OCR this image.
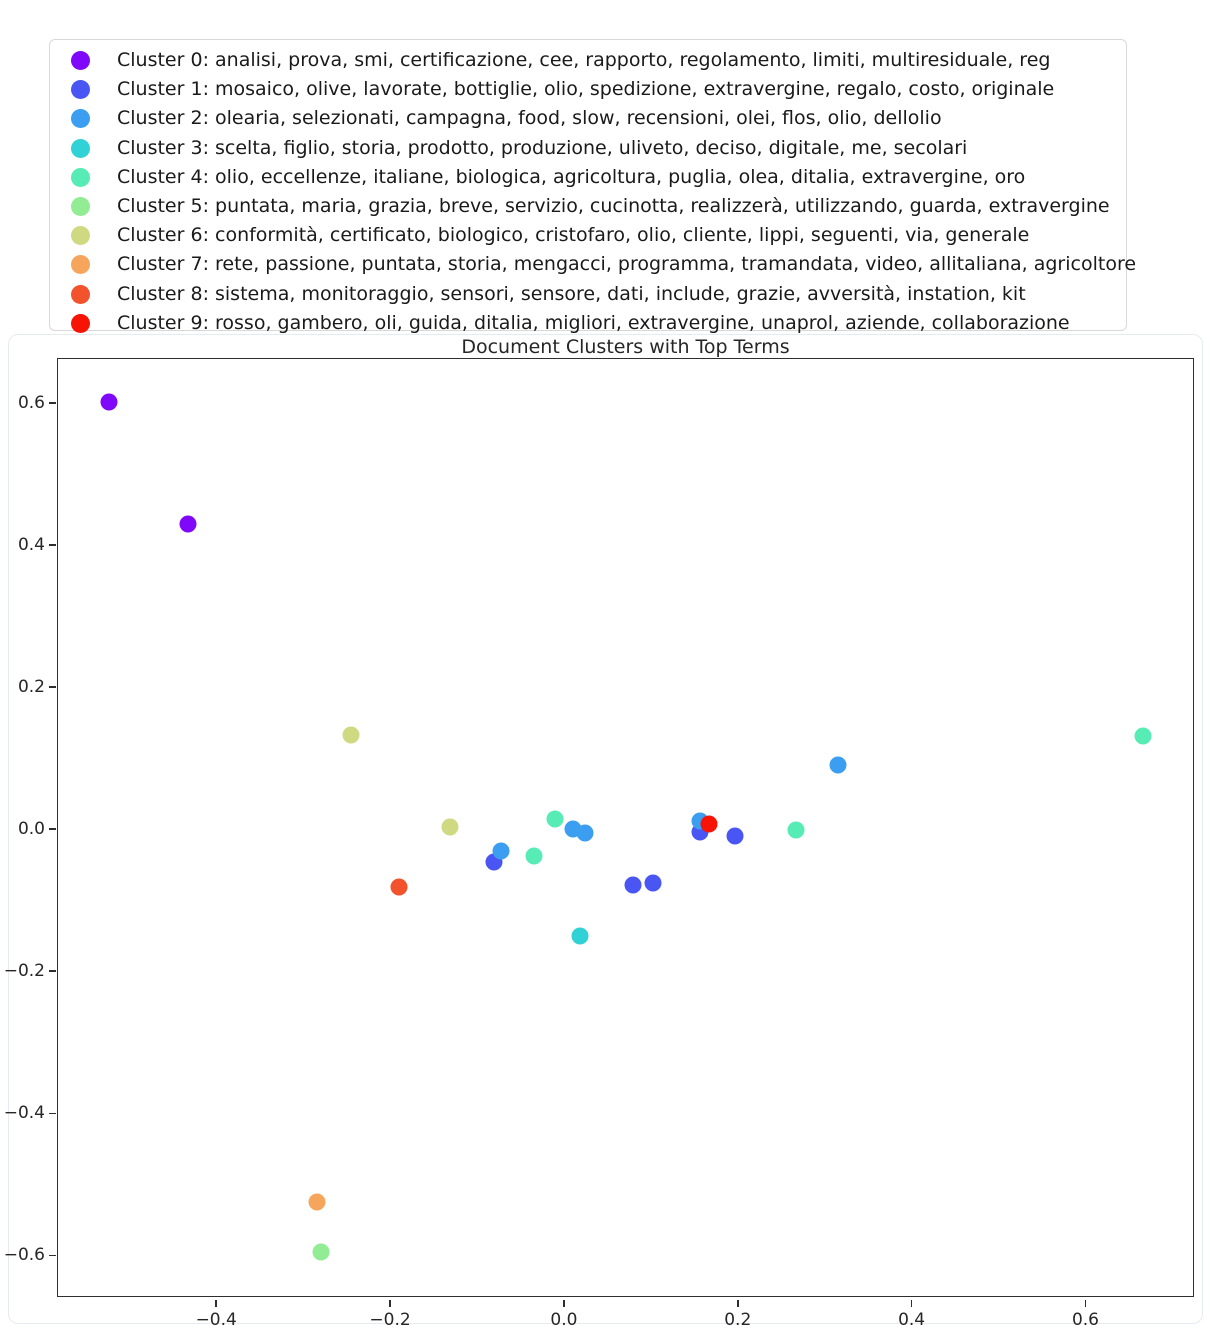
Cluster 0: analisi, prova, smi, certificazione, cee, rapporto, regolamento, limiti, multiresiduale, reg
Cluster 1: mosaico, olive, lavorate, bottiglie, olio, spedizione, extravergine, regalo, costo, originale
Cluster 2: olearia, selezionati, campagna, food, slow, recensioni, olei, flos, olio, dellolio
Cluster 3: scelta, figlio, storia, prodotto, produzione, uliveto, deciso, digitale, me, secolari
Cluster 4: olio, eccellenze, italiane, biologica, agricoltura, puglia, olea, ditalia, extravergine, oro
Cluster 5: puntata, maria, grazia, breve, servizio, cucinotta, realizzerà, utilizzando, guarda, extravergine
Cluster 6: conformità, certificato, biologico, cristofaro, olio, cliente, lippi, seguenti, via, generale
Cluster 7: rete, passione, puntata, storia, mengacci, programma, tramandata, video, allitaliana, agricoltore
Cluster 8: sistema, monitoraggio, sensori, sensore, dati, include, grazie, avversità, instation, kit
Cluster 9: rosso, gambero, oli, guida, ditalia, migliori, extravergine, unaprol, aziende, collaborazione
Document Clusters with Top Terms
−0.4	−0.2	0.0	0.2	0.4	0.6
0.6
0.4
0.2
0.0
−0.2
−0.4
−0.6
